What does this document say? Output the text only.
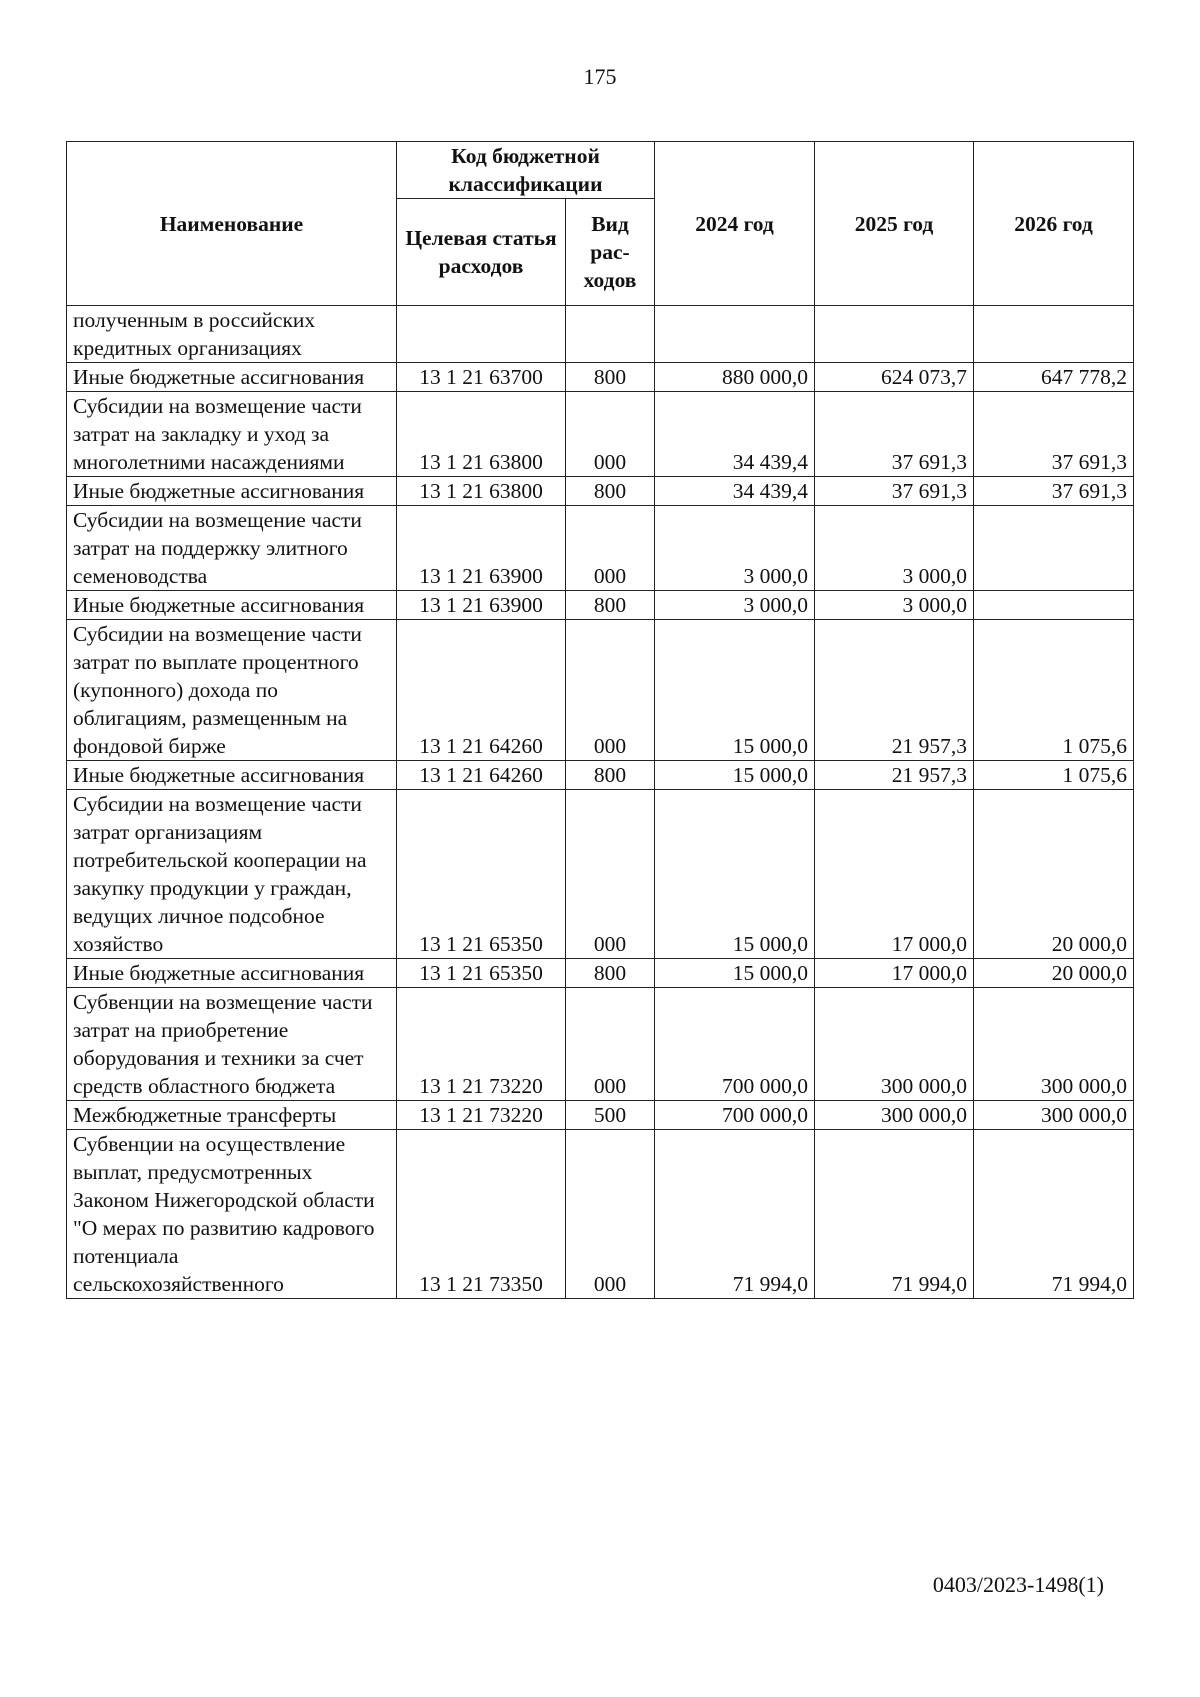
175
Наименование	Код бюджетной классификации		2024 год	2025 год	2026 год
	Целевая статья расходов	Вид рас-ходов			
полученным в российских кредитных организациях					
Иные бюджетные ассигнования	13 1 21 63700	800	880 000,0	624 073,7	647 778,2
Субсидии на возмещение части затрат на закладку и уход за многолетними насаждениями	13 1 21 63800	000	34 439,4	37 691,3	37 691,3
Иные бюджетные ассигнования	13 1 21 63800	800	34 439,4	37 691,3	37 691,3
Субсидии на возмещение части затрат на поддержку элитного семеноводства	13 1 21 63900	000	3 000,0	3 000,0	
Иные бюджетные ассигнования	13 1 21 63900	800	3 000,0	3 000,0	
Субсидии на возмещение части затрат по выплате процентного (купонного) дохода по облигациям, размещенным на фондовой бирже	13 1 21 64260	000	15 000,0	21 957,3	1 075,6
Иные бюджетные ассигнования	13 1 21 64260	800	15 000,0	21 957,3	1 075,6
Субсидии на возмещение части затрат организациям потребительской кооперации на закупку продукции у граждан, ведущих личное подсобное хозяйство	13 1 21 65350	000	15 000,0	17 000,0	20 000,0
Иные бюджетные ассигнования	13 1 21 65350	800	15 000,0	17 000,0	20 000,0
Субвенции на возмещение части затрат на приобретение оборудования и техники за счет средств областного бюджета	13 1 21 73220	000	700 000,0	300 000,0	300 000,0
Межбюджетные трансферты	13 1 21 73220	500	700 000,0	300 000,0	300 000,0
Субвенции на осуществление выплат, предусмотренных Законом Нижегородской области "О мерах по развитию кадрового потенциала сельскохозяйственного	13 1 21 73350	000	71 994,0	71 994,0	71 994,0
0403/2023-1498(1)
